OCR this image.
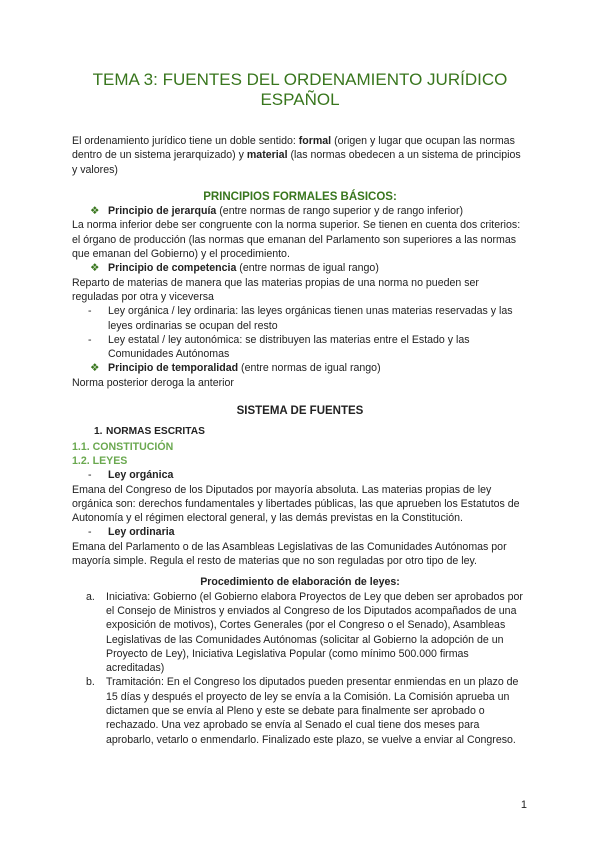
TEMA 3: FUENTES DEL ORDENAMIENTO JURÍDICO ESPAÑOL

El ordenamiento jurídico tiene un doble sentido: formal (origen y lugar que ocupan las normas dentro de un sistema jerarquizado) y material (las normas obedecen a un sistema de principios y valores)

PRINCIPIOS FORMALES BÁSICOS:
❖ Principio de jerarquía (entre normas de rango superior y de rango inferior)

La norma inferior debe ser congruente con la norma superior. Se tienen en cuenta dos criterios: el órgano de producción (las normas que emanan del Parlamento son superiores a las normas que emanan del Gobierno) y el procedimiento.

❖ Principio de competencia (entre normas de igual rango)

Reparto de materias de manera que las materias propias de una norma no pueden ser reguladas por otra y viceversa

-	Ley orgánica / ley ordinaria: las leyes orgánicas tienen unas materias reservadas y las leyes ordinarias se ocupan del resto
-	Ley estatal / ley autonómica: se distribuyen las materias entre el Estado y las Comunidades Autónomas
❖ Principio de temporalidad (entre normas de igual rango)

Norma posterior deroga la anterior

SISTEMA DE FUENTES
1. NORMAS ESCRITAS
1.1. CONSTITUCIÓN
1.2. LEYES
-	Ley orgánica

Emana del Congreso de los Diputados por mayoría absoluta. Las materias propias de ley orgánica son: derechos fundamentales y libertades públicas, las que aprueben los Estatutos de Autonomía y el régimen electoral general, y las demás previstas en la Constitución.

-	Ley ordinaria

Emana del Parlamento o de las Asambleas Legislativas de las Comunidades Autónomas por mayoría simple. Regula el resto de materias que no son reguladas por otro tipo de ley.

Procedimiento de elaboración de leyes:
a.	Iniciativa: Gobierno (el Gobierno elabora Proyectos de Ley que deben ser aprobados por el Consejo de Ministros y enviados al Congreso de los Diputados acompañados de una exposición de motivos), Cortes Generales (por el Congreso o el Senado), Asambleas Legislativas de las Comunidades Autónomas (solicitar al Gobierno la adopción de un Proyecto de Ley), Iniciativa Legislativa Popular (como mínimo 500.000 firmas acreditadas)
b.	Tramitación: En el Congreso los diputados pueden presentar enmiendas en un plazo de 15 días y después el proyecto de ley se envía a la Comisión. La Comisión aprueba un dictamen que se envía al Pleno y este se debate para finalmente ser aprobado o rechazado. Una vez aprobado se envía al Senado el cual tiene dos meses para aprobarlo, vetarlo o enmendarlo. Finalizado este plazo, se vuelve a enviar al Congreso.
1
